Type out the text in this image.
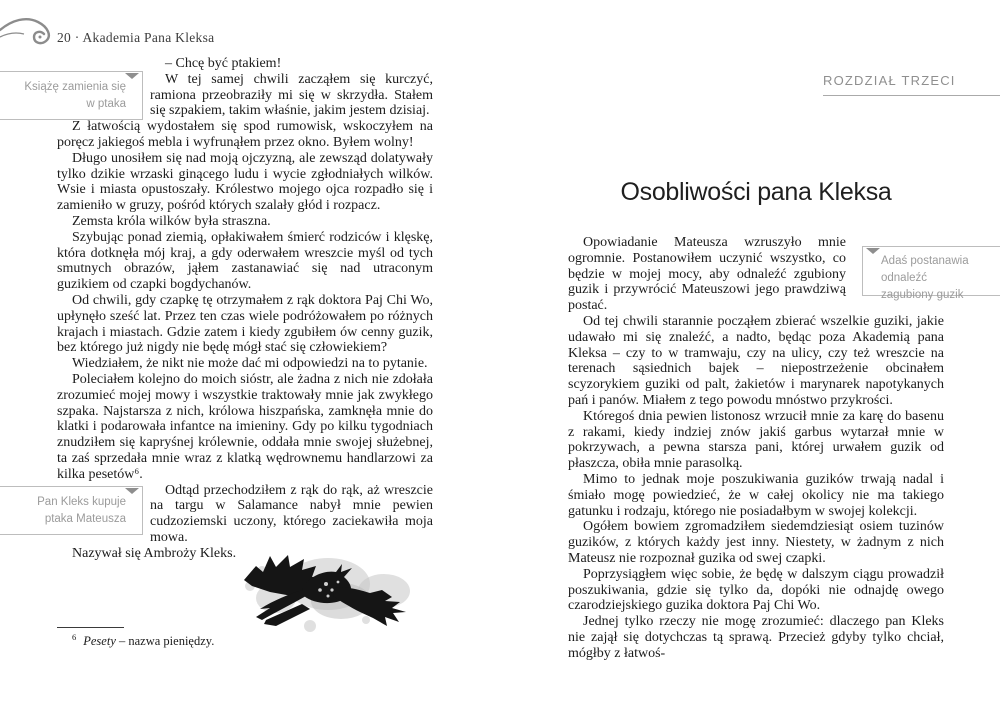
20 · Akademia Pana Kleksa
Książę zamienia się
w ptaka
Pan Kleks kupuje
ptaka Mateusza

– Chcę być ptakiem!

W tej samej chwili zacząłem się kurczyć, ramiona przeobraziły mi się w skrzydła. Stałem się szpakiem, takim właśnie, jakim jestem dzisiaj.

Z łatwością wydostałem się spod rumowisk, wskoczyłem na poręcz jakiegoś mebla i wyfrunąłem przez okno. Byłem wolny!

Długo unosiłem się nad moją ojczyzną, ale zewsząd dolatywały tylko dzikie wrzaski ginącego ludu i wycie zgłodniałych wilków. Wsie i miasta opustoszały. Królestwo mojego ojca rozpadło się i zamieniło w gruzy, pośród których szalały głód i rozpacz.

Zemsta króla wilków była straszna.

Szybując ponad ziemią, opłakiwałem śmierć rodziców i klęskę, która dotknęła mój kraj, a gdy oderwałem wreszcie myśl od tych smutnych obrazów, jąłem zastanawiać się nad utraconym guzikiem od czapki bogdychanów.

Od chwili, gdy czapkę tę otrzymałem z rąk doktora Paj Chi Wo, upłynęło sześć lat. Przez ten czas wiele podróżowałem po różnych krajach i miastach. Gdzie zatem i kiedy zgubiłem ów cenny guzik, bez którego już nigdy nie będę mógł stać się człowiekiem?

Wiedziałem, że nikt nie może dać mi odpowiedzi na to pytanie.

Poleciałem kolejno do moich sióstr, ale żadna z nich nie zdołała zrozumieć mojej mowy i wszystkie traktowały mnie jak zwykłego szpaka. Najstarsza z nich, królowa hiszpańska, zamknęła mnie do klatki i podarowała infantce na imieniny. Gdy po kilku tygodniach znudziłem się kapryśnej królewnie, oddała mnie swojej służebnej, ta zaś sprzedała mnie wraz z klatką wędrownemu handlarzowi za kilka pesetów⁶.

Odtąd przechodziłem z rąk do rąk, aż wreszcie na targu w Salamance nabył mnie pewien cudzoziemski uczony, którego zaciekawiła moja mowa.

Nazywał się Ambroży Kleks.

$^6$ Pesety – nazwa pieniędzy.
ROZDZIAŁ TRZECI
Osobliwości pana Kleksa
Adaś postanawia odnaleźć
zagubiony guzik

Opowiadanie Mateusza wzruszyło mnie ogromnie. Postanowiłem uczynić wszystko, co będzie w mojej mocy, aby odnaleźć zgubiony guzik i przywrócić Mateuszowi jego prawdziwą postać.

Od tej chwili starannie począłem zbierać wszelkie guziki, jakie udawało mi się znaleźć, a nadto, będąc poza Akademią pana Kleksa – czy to w tramwaju, czy na ulicy, czy też wreszcie na terenach sąsiednich bajek – niepostrzeżenie obcinałem scyzorykiem guziki od palt, żakietów i marynarek napotykanych pań i panów. Miałem z tego powodu mnóstwo przykrości.

Któregoś dnia pewien listonosz wrzucił mnie za karę do basenu z rakami, kiedy indziej znów jakiś garbus wytarzał mnie w pokrzywach, a pewna starsza pani, której urwałem guzik od płaszcza, obiła mnie parasolką.

Mimo to jednak moje poszukiwania guzików trwają nadal i śmiało mogę powiedzieć, że w całej okolicy nie ma takiego gatunku i rodzaju, którego nie posiadałbym w swojej kolekcji.

Ogółem bowiem zgromadziłem siedemdziesiąt osiem tuzinów guzików, z których każdy jest inny. Niestety, w żadnym z nich Mateusz nie rozpoznał guzika od swej czapki.

Poprzysiągłem więc sobie, że będę w dalszym ciągu prowadził poszukiwania, gdzie się tylko da, dopóki nie odnajdę owego czarodziejskiego guzika doktora Paj Chi Wo.

Jednej tylko rzeczy nie mogę zrozumieć: dlaczego pan Kleks nie zajął się dotychczas tą sprawą. Przecież gdyby tylko chciał, mógłby z łatwoś-
